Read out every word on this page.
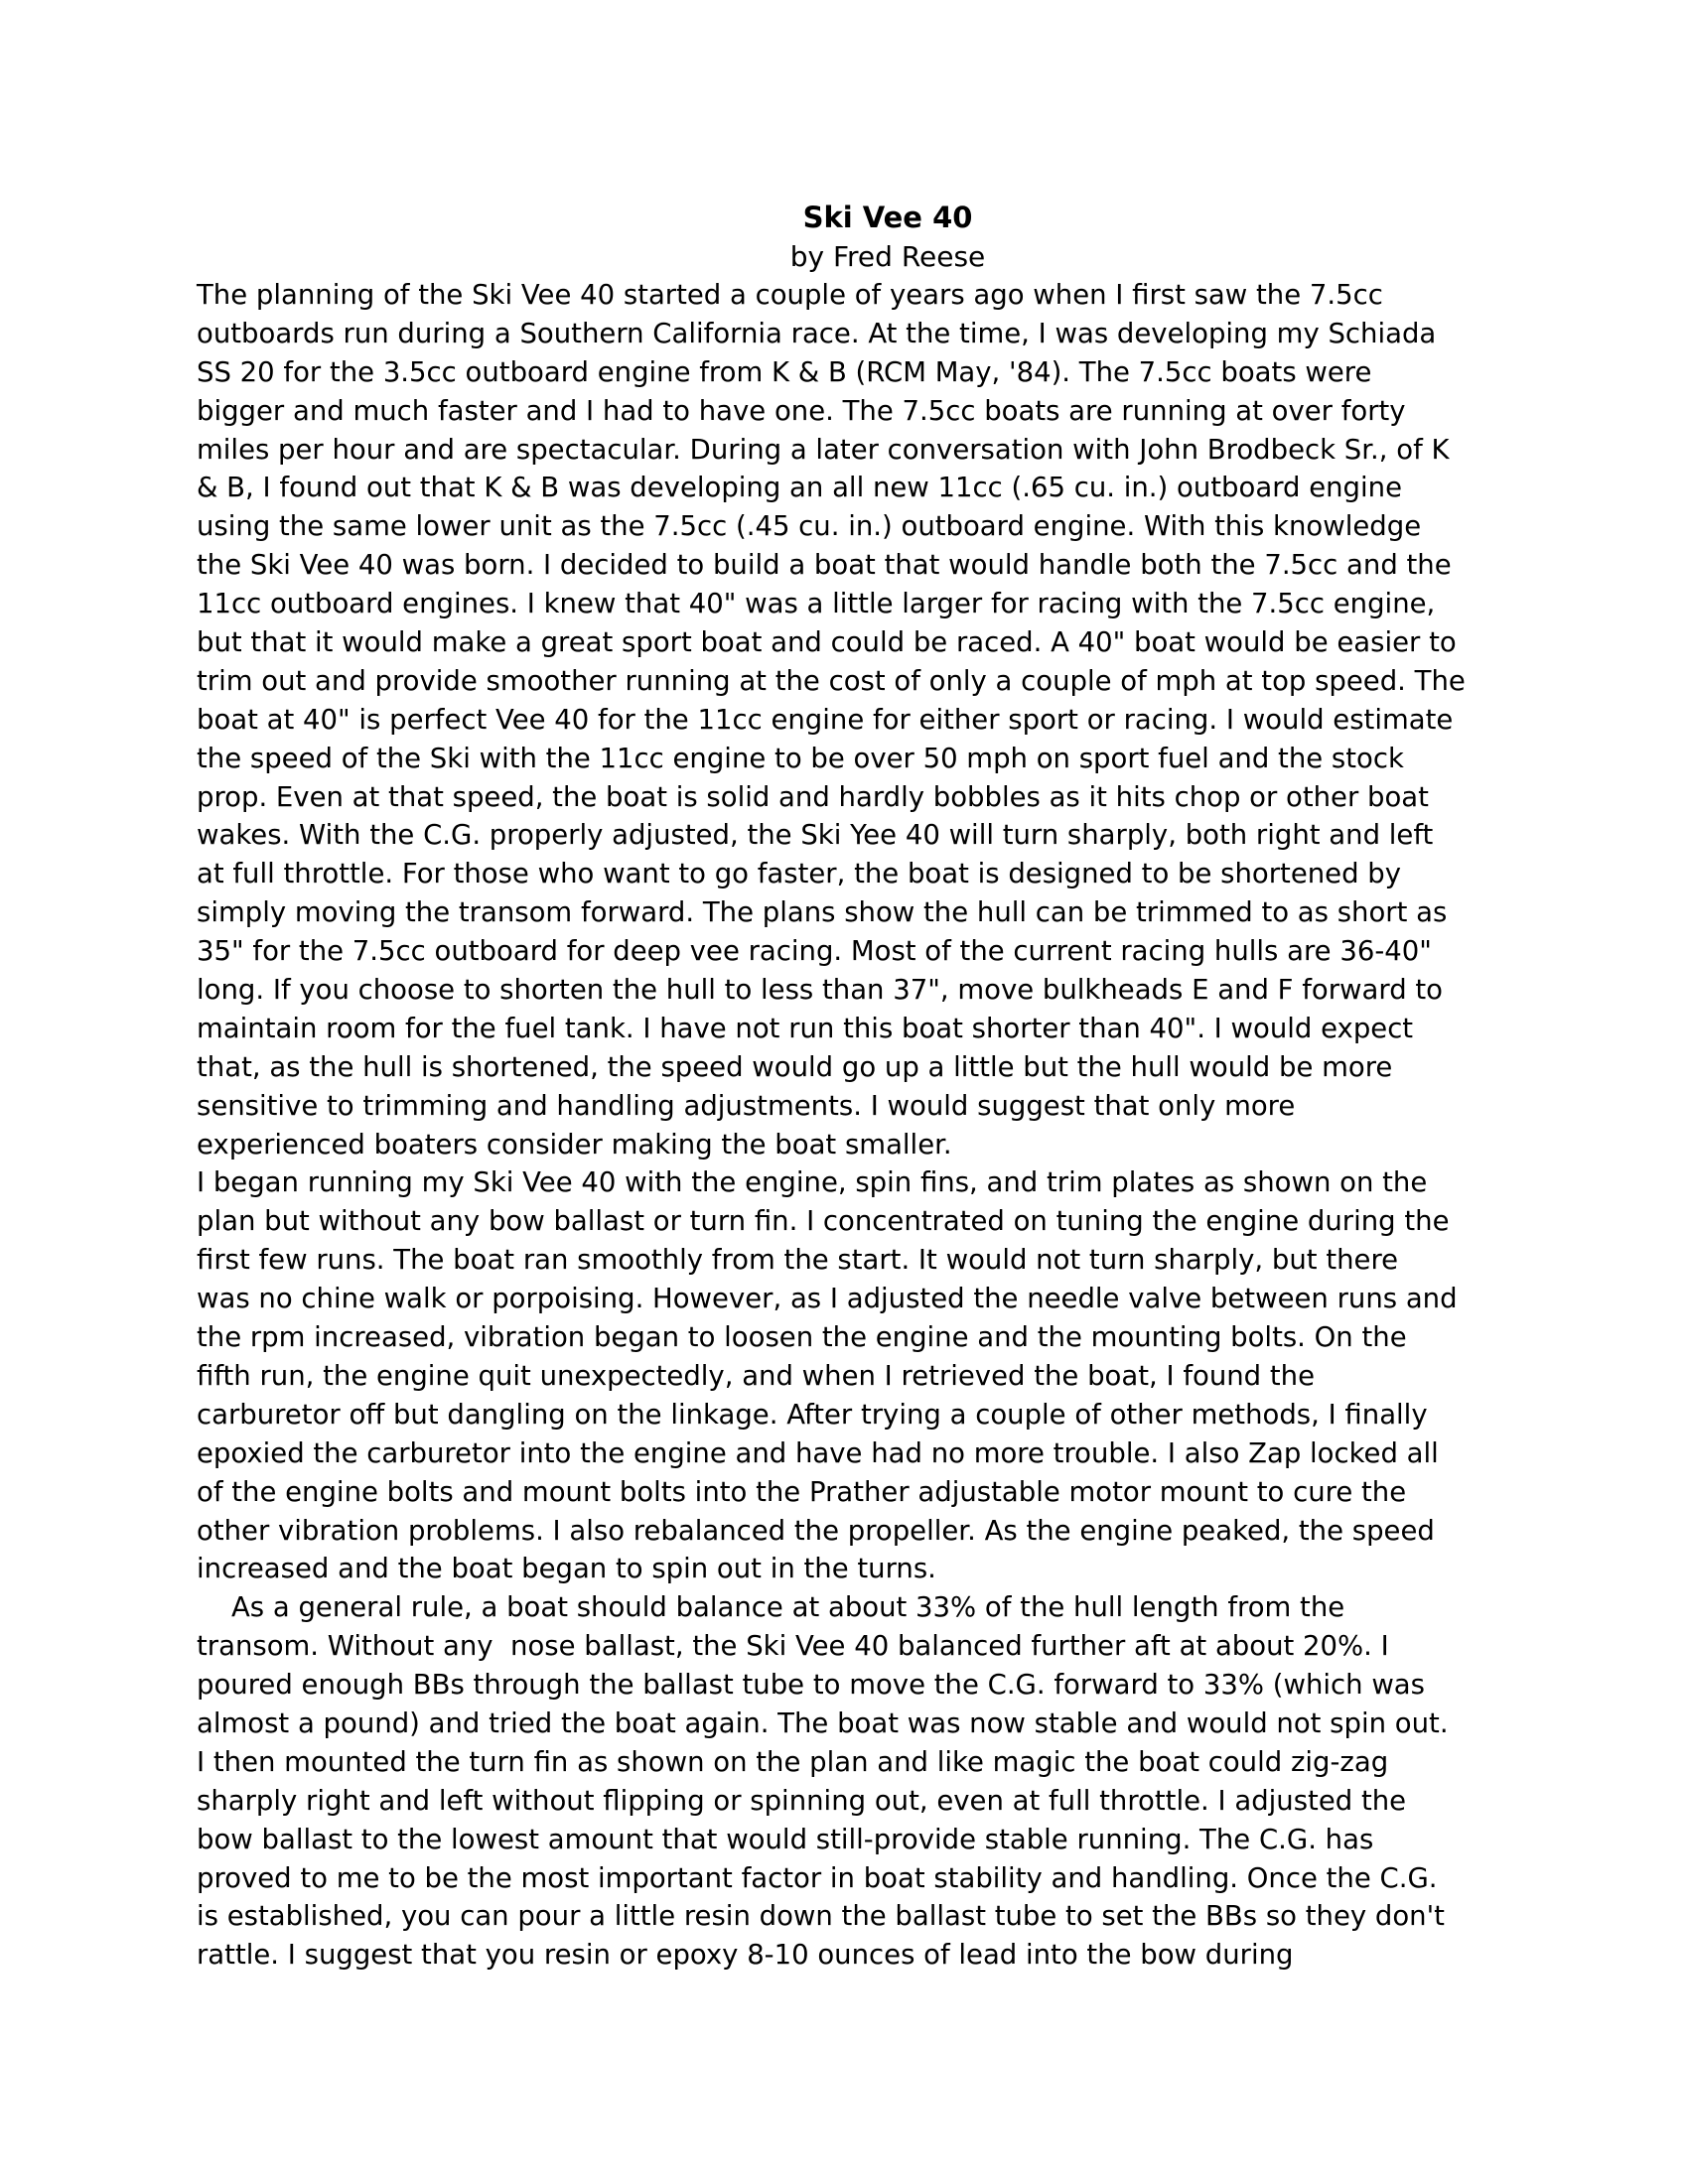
Ski Vee 40
by Fred Reese
The planning of the Ski Vee 40 started a couple of years ago when I first saw the 7.5cc
outboards run during a Southern California race. At the time, I was developing my Schiada
SS 20 for the 3.5cc outboard engine from K & B (RCM May, '84). The 7.5cc boats were
bigger and much faster and I had to have one. The 7.5cc boats are running at over forty
miles per hour and are spectacular. During a later conversation with John Brodbeck Sr., of K
& B, I found out that K & B was developing an all new 11cc (.65 cu. in.) outboard engine
using the same lower unit as the 7.5cc (.45 cu. in.) outboard engine. With this knowledge
the Ski Vee 40 was born. I decided to build a boat that would handle both the 7.5cc and the
11cc outboard engines. I knew that 40" was a little larger for racing with the 7.5cc engine,
but that it would make a great sport boat and could be raced. A 40" boat would be easier to
trim out and provide smoother running at the cost of only a couple of mph at top speed. The
boat at 40" is perfect Vee 40 for the 11cc engine for either sport or racing. I would estimate
the speed of the Ski with the 11cc engine to be over 50 mph on sport fuel and the stock
prop. Even at that speed, the boat is solid and hardly bobbles as it hits chop or other boat
wakes. With the C.G. properly adjusted, the Ski Yee 40 will turn sharply, both right and left
at full throttle. For those who want to go faster, the boat is designed to be shortened by
simply moving the transom forward. The plans show the hull can be trimmed to as short as
35" for the 7.5cc outboard for deep vee racing. Most of the current racing hulls are 36-40"
long. If you choose to shorten the hull to less than 37", move bulkheads E and F forward to
maintain room for the fuel tank. I have not run this boat shorter than 40". I would expect
that, as the hull is shortened, the speed would go up a little but the hull would be more
sensitive to trimming and handling adjustments. I would suggest that only more
experienced boaters consider making the boat smaller.
I began running my Ski Vee 40 with the engine, spin fins, and trim plates as shown on the
plan but without any bow ballast or turn fin. I concentrated on tuning the engine during the
first few runs. The boat ran smoothly from the start. It would not turn sharply, but there
was no chine walk or porpoising. However, as I adjusted the needle valve between runs and
the rpm increased, vibration began to loosen the engine and the mounting bolts. On the
fifth run, the engine quit unexpectedly, and when I retrieved the boat, I found the
carburetor off but dangling on the linkage. After trying a couple of other methods, I finally
epoxied the carburetor into the engine and have had no more trouble. I also Zap locked all
of the engine bolts and mount bolts into the Prather adjustable motor mount to cure the
other vibration problems. I also rebalanced the propeller. As the engine peaked, the speed
increased and the boat began to spin out in the turns.
As a general rule, a boat should balance at about 33% of the hull length from the
transom. Without any  nose ballast, the Ski Vee 40 balanced further aft at about 20%. I
poured enough BBs through the ballast tube to move the C.G. forward to 33% (which was
almost a pound) and tried the boat again. The boat was now stable and would not spin out.
I then mounted the turn fin as shown on the plan and like magic the boat could zig-zag
sharply right and left without flipping or spinning out, even at full throttle. I adjusted the
bow ballast to the lowest amount that would still-provide stable running. The C.G. has
proved to me to be the most important factor in boat stability and handling. Once the C.G.
is established, you can pour a little resin down the ballast tube to set the BBs so they don't
rattle. I suggest that you resin or epoxy 8-10 ounces of lead into the bow during
